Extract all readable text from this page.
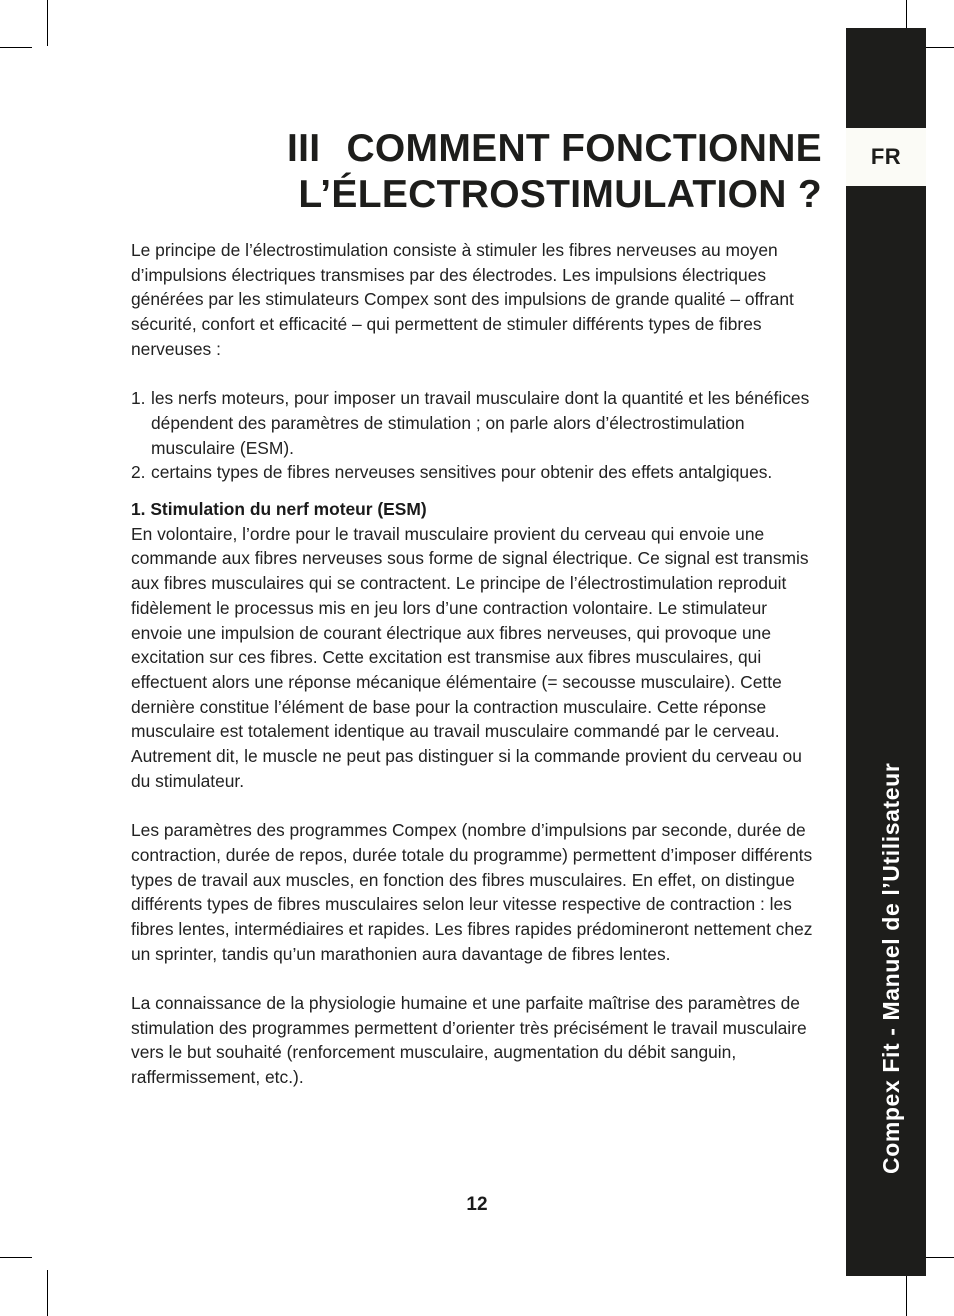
FR
Compex Fit - Manuel de l’Utilisateur
III COMMENT FONCTIONNE
L’ÉLECTROSTIMULATION ?

Le principe de l’électrostimulation consiste à stimuler les fibres nerveuses au moyen d’impulsions électriques transmises par des électrodes. Les impulsions électriques générées par les stimulateurs Compex sont des impulsions de grande qualité – offrant sécurité, confort et efficacité – qui permettent de stimuler différents types de fibres nerveuses :

1. les nerfs moteurs, pour imposer un travail musculaire dont la quantité et les bénéfices dépendent des paramètres de stimulation ; on parle alors d’électrostimulation musculaire (ESM).
2. certains types de fibres nerveuses sensitives pour obtenir des effets antalgiques.

1. Stimulation du nerf moteur (ESM)

En volontaire, l’ordre pour le travail musculaire provient du cerveau qui envoie une commande aux fibres nerveuses sous forme de signal électrique. Ce signal est transmis aux fibres musculaires qui se contractent. Le principe de l’électrostimulation reproduit fidèlement le processus mis en jeu lors d’une contraction volontaire. Le stimulateur envoie une impulsion de courant électrique aux fibres nerveuses, qui provoque une excitation sur ces fibres. Cette excitation est transmise aux fibres musculaires, qui effectuent alors une réponse mécanique élémentaire (= secousse musculaire). Cette dernière constitue l’élément de base pour la contraction musculaire. Cette réponse musculaire est totalement identique au travail musculaire commandé par le cerveau. Autrement dit, le muscle ne peut pas distinguer si la commande provient du cerveau ou du stimulateur.

Les paramètres des programmes Compex (nombre d’impulsions par seconde, durée de contraction, durée de repos, durée totale du programme) permettent d’imposer différents types de travail aux muscles, en fonction des fibres musculaires. En effet, on distingue différents types de fibres musculaires selon leur vitesse respective de contraction : les fibres lentes, intermédiaires et rapides. Les fibres rapides prédomineront nettement chez un sprinter, tandis qu’un marathonien aura davantage de fibres lentes.

La connaissance de la physiologie humaine et une parfaite maîtrise des paramètres de stimulation des programmes permettent d’orienter très précisément le travail musculaire vers le but souhaité (renforcement musculaire, augmentation du débit sanguin, raffermissement, etc.).

12
